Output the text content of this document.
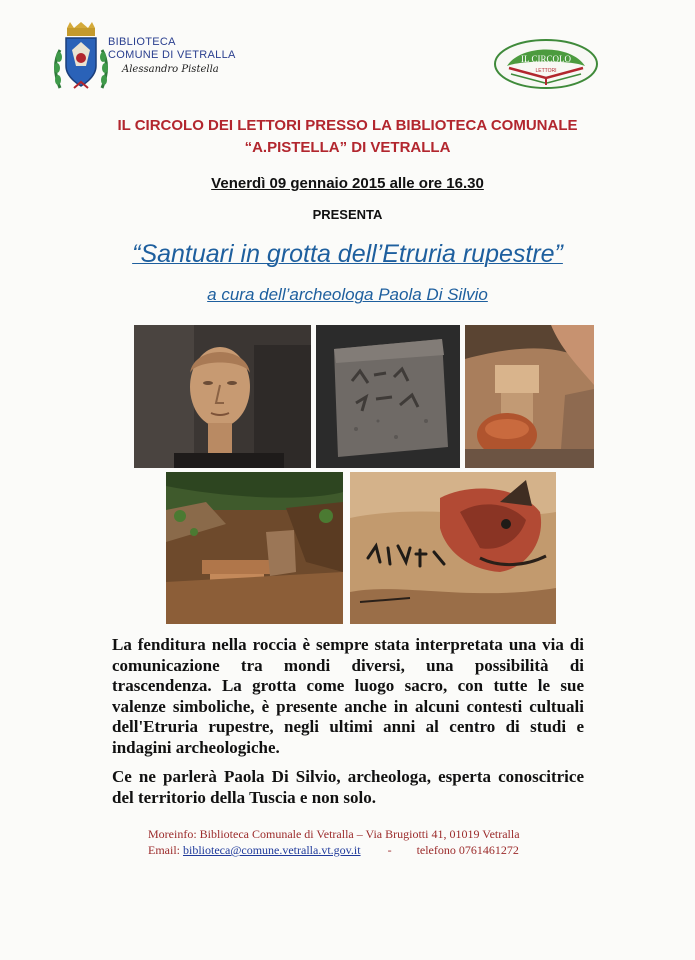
BIBLIOTECA
COMUNE DI VETRALLA
Alessandro Pistella
IL CIRCOLO
LETTORI
IL CIRCOLO DEI LETTORI PRESSO LA BIBLIOTECA COMUNALE
“A.PISTELLA” DI VETRALLA
Venerdì 09 gennaio 2015 alle ore 16.30
PRESENTA
“Santuari in grotta dell’Etruria rupestre”
a cura dell’archeologa Paola Di Silvio

La fenditura nella roccia è sempre stata interpretata una via di comunicazione tra mondi diversi, una possibilità di trascendenza. La grotta come luogo sacro, con tutte le sue valenze simboliche, è presente anche in alcuni contesti cultuali dell'Etruria rupestre, negli ultimi anni al centro di studi e indagini archeologiche.

Ce ne parlerà Paola Di Silvio, archeologa, esperta conoscitrice del territorio della Tuscia e non solo.

Moreinfo: Biblioteca Comunale di Vetralla – Via Brugiotti 41, 01019 Vetralla
Email: biblioteca@comune.vetralla.vt.gov.it - telefono 0761461272
